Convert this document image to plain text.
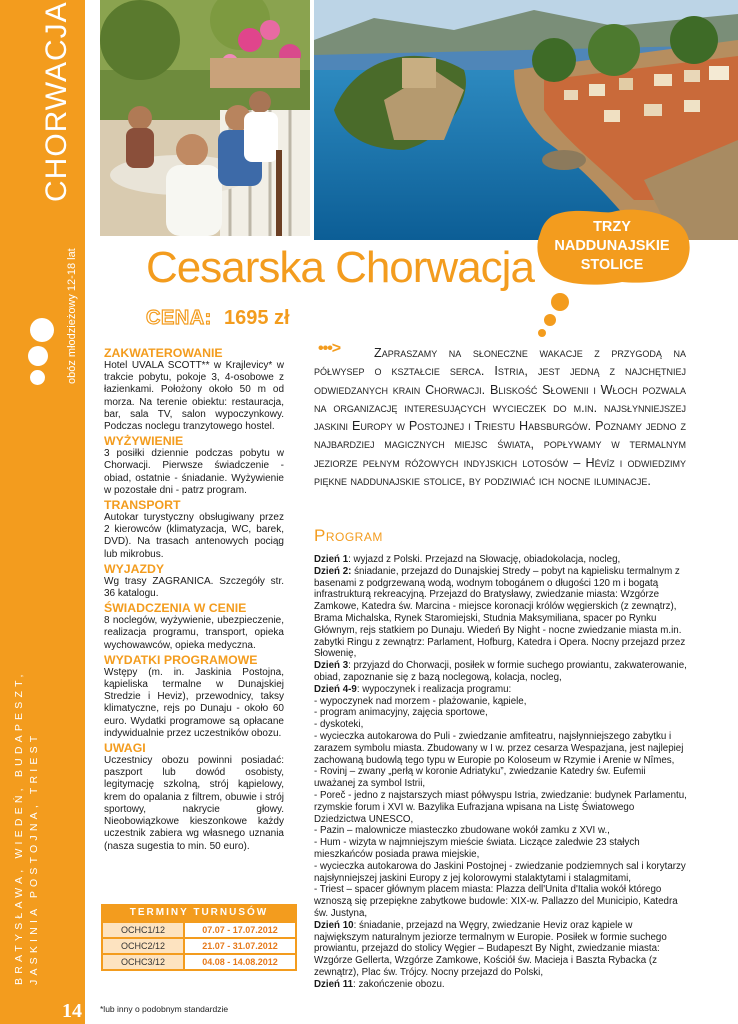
CHORWACJA
obóz młodzieżowy 12-18 lat
BRATYSŁAWA, WIEDEŃ, BUDAPESZT, JASKINIA POSTOJNA, TRIEST
14
Cesarska Chorwacja
TRZY
NADDUNAJSKIE
STOLICE
CENA: 1695 zł
ZAKWATEROWANIE

Hotel UVALA SCOTT** w Krajlevicy* w trakcie pobytu, pokoje 3, 4-osobowe z łazienkami. Położony około 50 m od morza. Na terenie obiektu: restauracja, bar, sala TV, salon wypoczynkowy. Podczas noclegu tranzytowego hostel.

WYŻYWIENIE

3 posiłki dziennie podczas pobytu w Chorwacji. Pierwsze świadczenie - obiad, ostatnie - śniadanie. Wyżywienie w pozostałe dni - patrz program.

TRANSPORT

Autokar turystyczny obsługiwany przez 2 kierowców (klimatyzacja, WC, barek, DVD). Na trasach antenowych pociąg lub mikrobus.

WYJAZDY

Wg trasy ZAGRANICA. Szczegóły str. 36 katalogu.

ŚWIADCZENIA W CENIE

8 noclegów, wyżywienie, ubezpieczenie, realizacja programu, transport, opieka wychowawców, opieka medyczna.

WYDATKI PROGRAMOWE

Wstępy (m. in. Jaskinia Postojna, kąpieliska termalne w Dunajskiej Stredzie i Heviz), przewodnicy, taksy klimatyczne, rejs po Dunaju - około 60 euro. Wydatki programowe są opłacane indywidualnie przez uczestników obozu.

UWAGI

Uczestnicy obozu powinni posiadać: paszport lub dowód osobisty, legitymację szkolną, strój kąpielowy, krem do opalania z filtrem, obuwie i strój sportowy, nakrycie głowy. Nieobowiązkowe kieszonkowe każdy uczestnik zabiera wg własnego uznania (nasza sugestia to min. 50 euro).

•••>	Zapraszamy na słoneczne wakacje z przygodą na półwysep o kształcie serca. Istria, jest jedną z najchętniej odwiedzanych krain Chorwacji. Bliskość Słowenii i Włoch pozwala na organizację interesujących wycieczek do m.in. najsłynniejszej jaskini Europy w Postojnej i Triestu Habsburgów. Poznamy jedno z najbardziej magicznych miejsc świata, popływamy w termalnym jeziorze pełnym różowych indyjskich lotosów – Hévíz i odwiedzimy piękne naddunajskie stolice, by podziwiać ich nocne iluminacje.

Program
Dzień 1: wyjazd z Polski. Przejazd na Słowację, obiadokolacja, nocleg,
Dzień 2: śniadanie, przejazd do Dunajskiej Stredy – pobyt na kąpielisku termalnym z basenami z podgrzewaną wodą, wodnym tobogánem o długości 120 m i bogatą infrastrukturą rekreacyjną. Przejazd do Bratysławy, zwiedzanie miasta: Wzgórze Zamkowe, Katedra św. Marcina - miejsce koronacji królów węgierskich (z zewnątrz), Brama Michalska, Rynek Staromiejski, Studnia Maksymiliana, spacer po Rynku Głównym, rejs statkiem po Dunaju. Wiedeń By Night - nocne zwiedzanie miasta m.in. zabytki Ringu z zewnątrz: Parlament, Hofburg, Katedra i Opera. Nocny przejazd przez Słowenię,
Dzień 3: przyjazd do Chorwacji, posiłek w formie suchego prowiantu, zakwaterowanie, obiad, zapoznanie się z bazą noclegową, kolacja, nocleg,
Dzień 4-9: wypoczynek i realizacja programu:
- wypoczynek nad morzem - plażowanie, kąpiele,
- program animacyjny, zajęcia sportowe,
- dyskoteki,
- wycieczka autokarowa do Puli - zwiedzanie amfiteatru, najsłynniejszego zabytku i zarazem symbolu miasta. Zbudowany w I w. przez cesarza Wespazjana, jest najlepiej zachowaną budowlą tego typu w Europie po Koloseum w Rzymie i Arenie w Nîmes,
- Rovinj – zwany „perłą w koronie Adriatyku”, zwiedzanie Katedry św. Eufemii uważanej za symbol Istrii,
- Poreč - jedno z najstarszych miast półwyspu Istria, zwiedzanie: budynek Parlamentu, rzymskie forum i XVI w. Bazylika Eufrazjana wpisana na Listę Światowego Dziedzictwa UNESCO,
- Pazin – malownicze miasteczko zbudowane wokół zamku z XVI w.,
- Hum - wizyta w najmniejszym mieście świata. Liczące zaledwie 23 stałych mieszkańców posiada prawa miejskie,
- wycieczka autokarowa do Jaskini Postojnej - zwiedzanie podziemnych sal i korytarzy najsłynniejszej jaskini Europy z jej kolorowymi stalaktytami i stalagmitami,
- Triest – spacer głównym placem miasta: Plazza dell'Unita d'Italia wokół którego wznoszą się przepiękne zabytkowe budowle: XIX-w. Pallazzo del Municipio, Katedra św. Justyna,
Dzień 10: śniadanie, przejazd na Węgry, zwiedzanie Heviz oraz kąpiele w największym naturalnym jeziorze termalnym w Europie. Posiłek w formie suchego prowiantu, przejazd do stolicy Węgier – Budapeszt By Night, zwiedzanie miasta: Wzgórze Gellerta, Wzgórze Zamkowe, Kościół św. Macieja i Baszta Rybacka (z zewnątrz), Plac św. Trójcy. Nocny przejazd do Polski,
Dzień 11: zakończenie obozu.
TERMINY TURNUSÓW
OCHC1/12	07.07 - 17.07.2012
OCHC2/12	21.07 - 31.07.2012
OCHC3/12	04.08 - 14.08.2012
*lub inny o podobnym standardzie
